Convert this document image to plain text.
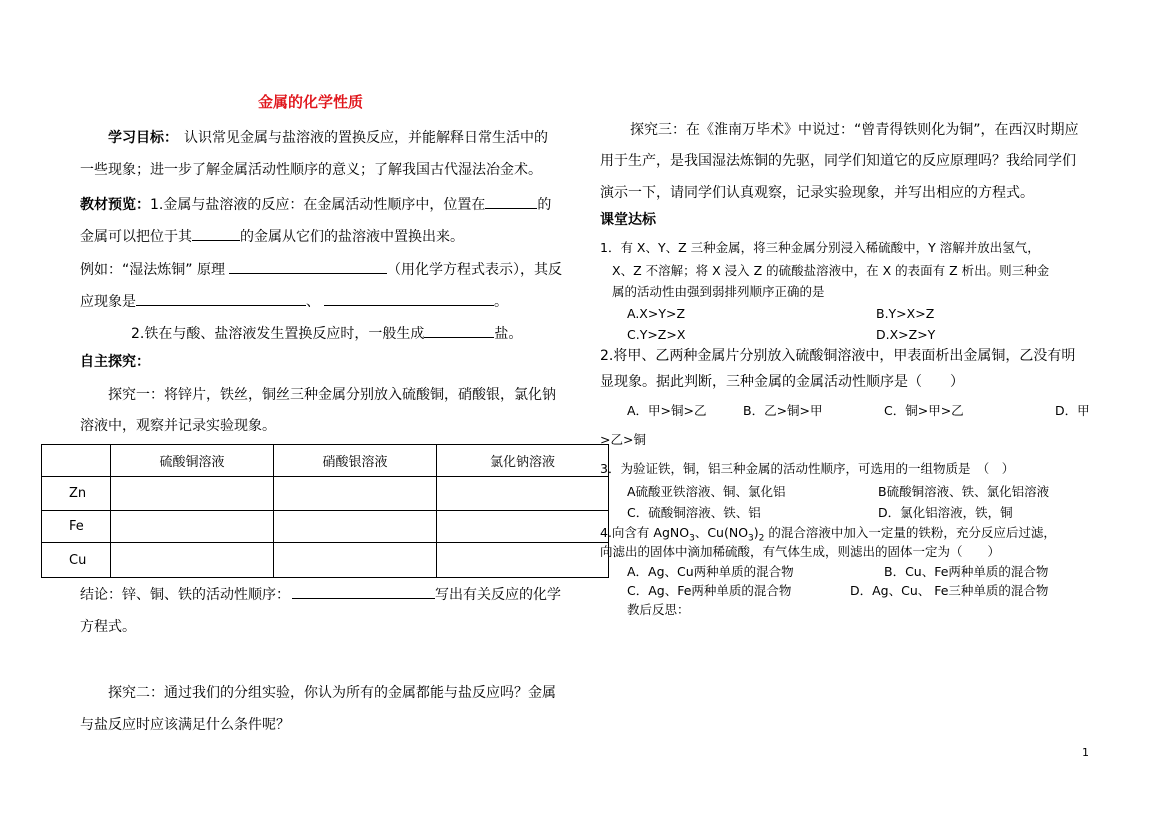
金属的化学性质
学习目标： 认识常见金属与盐溶液的置换反应，并能解释日常生活中的
一些现象；进一步了解金属活动性顺序的意义；了解我国古代湿法冶金术。
教材预览：1.金属与盐溶液的反应：在金属活动性顺序中，位置在	的
金属可以把位于其	的金属从它们的盐溶液中置换出来。
例如：“湿法炼铜” 原理	（用化学方程式表示），其反
应现象是	、	。
2.铁在与酸、盐溶液发生置换反应时，一般生成	盐。
自主探究：
探究一：将锌片，铁丝，铜丝三种金属分别放入硫酸铜，硝酸银，氯化钠
溶液中，观察并记录实验现象。
	硫酸铜溶液	硝酸银溶液	氯化钠溶液
Zn			
Fe			
Cu			
结论：锌、铜、铁的活动性顺序：	写出有关反应的化学
方程式。
探究二：通过我们的分组实验，你认为所有的金属都能与盐反应吗？金属
与盐反应时应该满足什么条件呢？
探究三：在《淮南万毕术》中说过：“曾青得铁则化为铜”，在西汉时期应
用于生产，是我国湿法炼铜的先驱，同学们知道它的反应原理吗？我给同学们
演示一下，请同学们认真观察，记录实验现象，并写出相应的方程式。
课堂达标
1．有 X、Y、Z 三种金属，将三种金属分别浸入稀硫酸中，Y 溶解并放出氢气，
X、Z 不溶解；将 X 浸入 Z 的硫酸盐溶液中，在 X 的表面有 Z 析出。则三种金
属的活动性由强到弱排列顺序正确的是
A.X>Y>Z	B.Y>X>Z
C.Y>Z>X	D.X>Z>Y
2.将甲、乙两种金属片分别放入硫酸铜溶液中，甲表面析出金属铜，乙没有明
显现象。据此判断，三种金属的金属活动性顺序是（　　）
A．甲>铜>乙	B．乙>铜>甲	C．铜>甲>乙	D．甲
>乙>铜
3．为验证铁，铜，铝三种金属的活动性顺序，可选用的一组物质是　（　）
A硫酸亚铁溶液、铜、氯化铝	B硫酸铜溶液、铁、氯化铝溶液
C．硫酸铜溶液、铁、铝	D．氯化铝溶液，铁，铜
4.向含有 AgNO$_3$、$Cu(NO_3)_2$ 的混合溶液中加入一定量的铁粉，充分反应后过滤，
向滤出的固体中滴加稀硫酸，有气体生成，则滤出的固体一定为（　　）
A．Ag、Cu两种单质的混合物	B．Cu、Fe两种单质的混合物
C．Ag、Fe两种单质的混合物	D．Ag、Cu、 Fe三种单质的混合物
教后反思：
1
